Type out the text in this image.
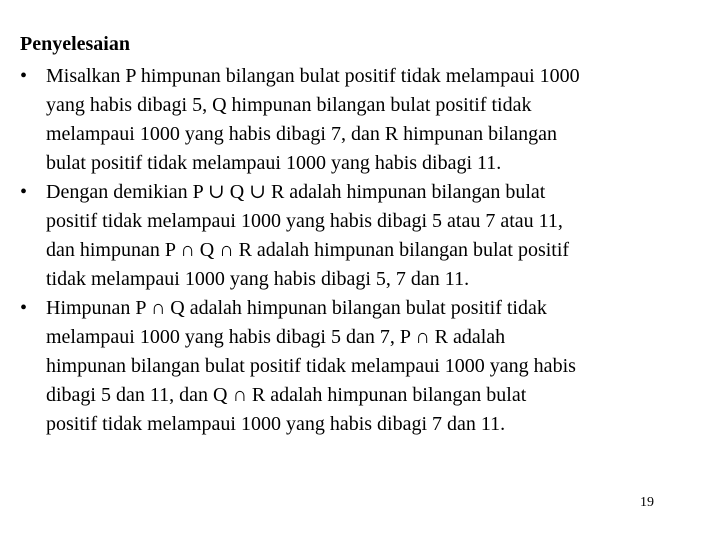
Penyelesaian
• Misalkan P himpunan bilangan bulat positif tidak melampaui 1000
yang habis dibagi 5, Q himpunan bilangan bulat positif tidak
melampaui 1000 yang habis dibagi 7, dan R himpunan bilangan
bulat positif tidak melampaui 1000 yang habis dibagi 11.
• Dengan demikian P ∪ Q ∪ R adalah himpunan bilangan bulat
positif tidak melampaui 1000 yang habis dibagi 5 atau 7 atau 11,
dan himpunan P ∩ Q ∩ R adalah himpunan bilangan bulat positif
tidak melampaui 1000 yang habis dibagi 5, 7 dan 11.
• Himpunan P ∩ Q adalah himpunan bilangan bulat positif tidak
melampaui 1000 yang habis dibagi 5 dan 7, P ∩ R adalah
himpunan bilangan bulat positif tidak melampaui 1000 yang habis
dibagi 5 dan 11, dan Q ∩ R adalah himpunan bilangan bulat
positif tidak melampaui 1000 yang habis dibagi 7 dan 11.
19
